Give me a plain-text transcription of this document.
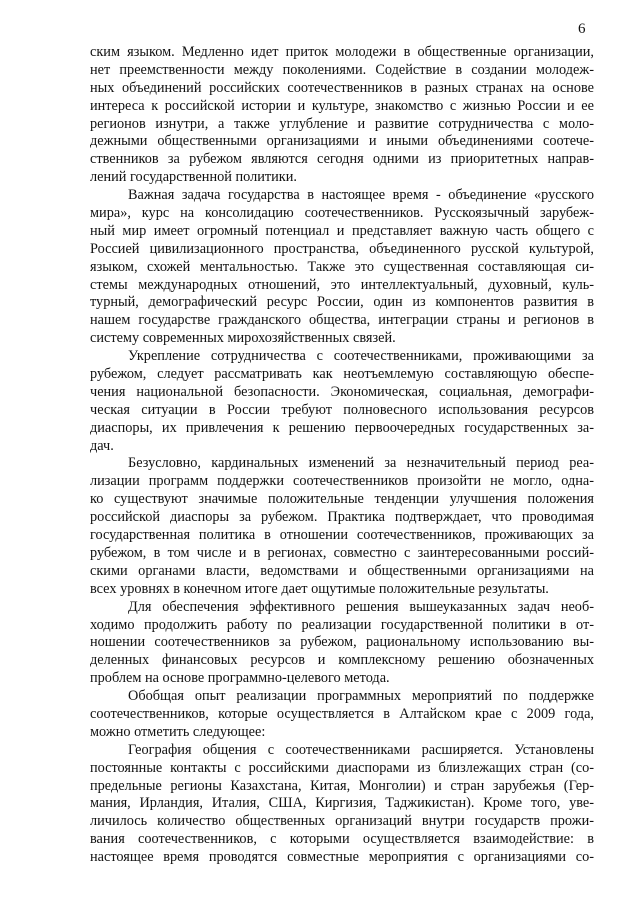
6
ским языком. Медленно идет приток молодежи в общественные организации,
нет преемственности между поколениями. Содействие в создании молодеж-
ных объединений российских соотечественников в разных странах на основе
интереса к российской истории и культуре, знакомство с жизнью России и ее
регионов изнутри, а также углубление и развитие сотрудничества с моло-
дежными общественными организациями и иными объединениями соотече-
ственников за рубежом являются сегодня одними из приоритетных направ-
лений государственной политики.
Важная задача государства в настоящее время - объединение «русского
мира», курс на консолидацию соотечественников. Русскоязычный зарубеж-
ный мир имеет огромный потенциал и представляет важную часть общего с
Россией цивилизационного пространства, объединенного русской культурой,
языком, схожей ментальностью. Также это существенная составляющая си-
стемы международных отношений, это интеллектуальный, духовный, куль-
турный, демографический ресурс России, один из компонентов развития в
нашем государстве гражданского общества, интеграции страны и регионов в
систему современных мирохозяйственных связей.
Укрепление сотрудничества с соотечественниками, проживающими за
рубежом, следует рассматривать как неотъемлемую составляющую обеспе-
чения национальной безопасности. Экономическая, социальная, демографи-
ческая ситуации в России требуют полновесного использования ресурсов
диаспоры, их привлечения к решению первоочередных государственных за-
дач.
Безусловно, кардинальных изменений за незначительный период реа-
лизации программ поддержки соотечественников произойти не могло, одна-
ко существуют значимые положительные тенденции улучшения положения
российской диаспоры за рубежом. Практика подтверждает, что проводимая
государственная политика в отношении соотечественников, проживающих за
рубежом, в том числе и в регионах, совместно с заинтересованными россий-
скими органами власти, ведомствами и общественными организациями на
всех уровнях в конечном итоге дает ощутимые положительные результаты.
Для обеспечения эффективного решения вышеуказанных задач необ-
ходимо продолжить работу по реализации государственной политики в от-
ношении соотечественников за рубежом, рациональному использованию вы-
деленных финансовых ресурсов и комплексному решению обозначенных
проблем на основе программно-целевого метода.
Обобщая опыт реализации программных мероприятий по поддержке
соотечественников, которые осуществляется в Алтайском крае с 2009 года,
можно отметить следующее:
География общения с соотечественниками расширяется. Установлены
постоянные контакты с российскими диаспорами из близлежащих стран (со-
предельные регионы Казахстана, Китая, Монголии) и стран зарубежья (Гер-
мания, Ирландия, Италия, США, Киргизия, Таджикистан). Кроме того, уве-
личилось количество общественных организаций внутри государств прожи-
вания соотечественников, с которыми осуществляется взаимодействие: в
настоящее время проводятся совместные мероприятия с организациями со-
